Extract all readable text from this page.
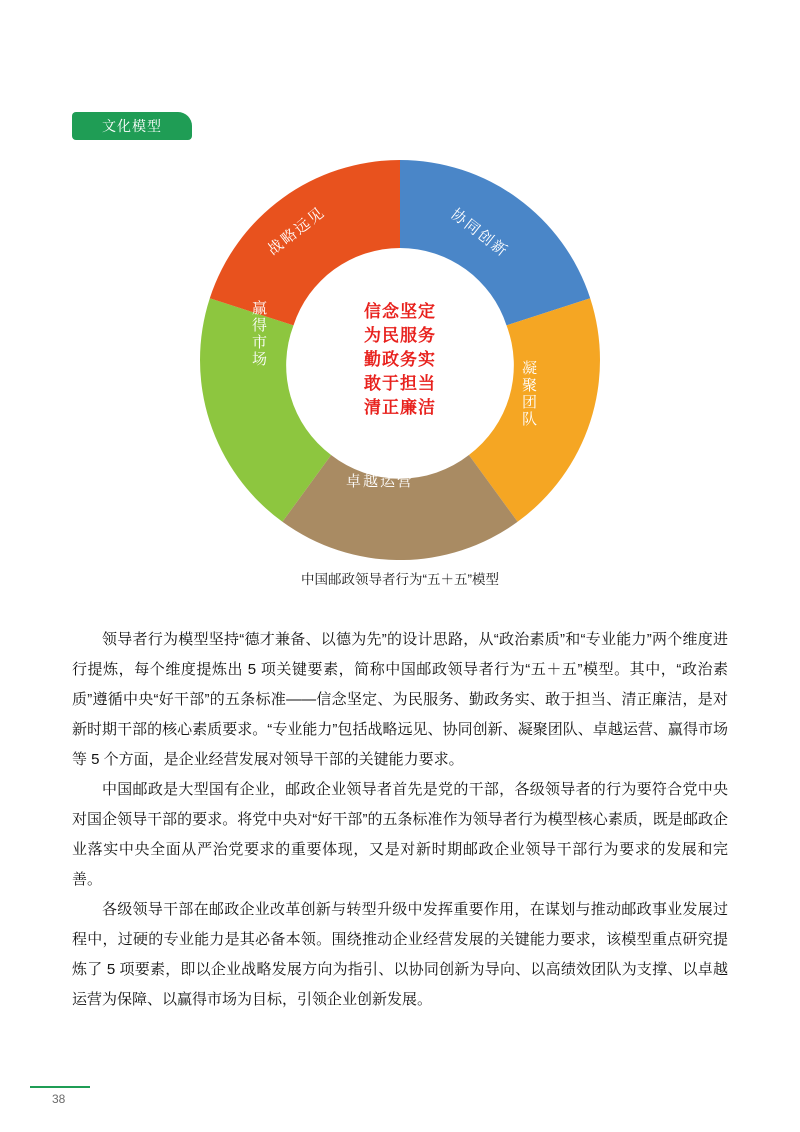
文化模型
战略远见	协同创新
凝聚团队
卓越运营
赢得市场	信念坚定
为民服务
勤政务实
敢于担当
清正廉洁
中国邮政领导者行为“五＋五”模型

领导者行为模型坚持“德才兼备、以德为先”的设计思路，从“政治素质”和“专业能力”两个维度进行提炼，每个维度提炼出 5 项关键要素，简称中国邮政领导者行为“五＋五”模型。其中，“政治素质”遵循中央“好干部”的五条标准——信念坚定、为民服务、勤政务实、敢于担当、清正廉洁，是对新时期干部的核心素质要求。“专业能力”包括战略远见、协同创新、凝聚团队、卓越运营、赢得市场等 5 个方面，是企业经营发展对领导干部的关键能力要求。

中国邮政是大型国有企业，邮政企业领导者首先是党的干部，各级领导者的行为要符合党中央对国企领导干部的要求。将党中央对“好干部”的五条标准作为领导者行为模型核心素质，既是邮政企业落实中央全面从严治党要求的重要体现，又是对新时期邮政企业领导干部行为要求的发展和完善。

各级领导干部在邮政企业改革创新与转型升级中发挥重要作用，在谋划与推动邮政事业发展过程中，过硬的专业能力是其必备本领。围绕推动企业经营发展的关键能力要求，该模型重点研究提炼了 5 项要素，即以企业战略发展方向为指引、以协同创新为导向、以高绩效团队为支撑、以卓越运营为保障、以赢得市场为目标，引领企业创新发展。

38
